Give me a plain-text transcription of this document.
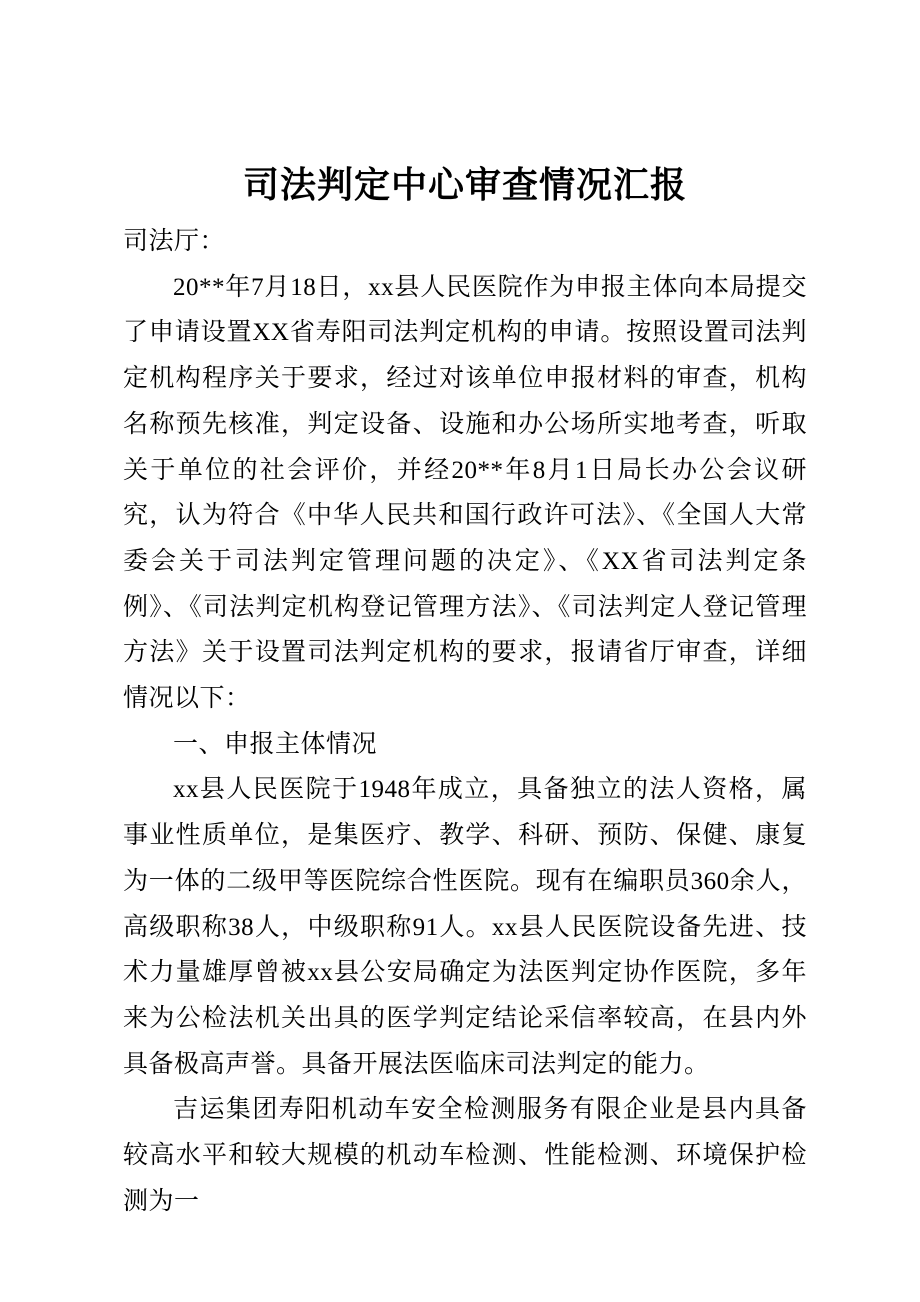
司法判定中心审查情况汇报

司法厅：

20**年7月18日，xx县人民医院作为申报主体向本局提交了申请设置XX省寿阳司法判定机构的申请。按照设置司法判定机构程序关于要求，经过对该单位申报材料的审查，机构名称预先核准，判定设备、设施和办公场所实地考查，听取关于单位的社会评价，并经20**年8月1日局长办公会议研究，认为符合《中华人民共和国行政许可法》、《全国人大常委会关于司法判定管理问题的决定》、《XX省司法判定条例》、《司法判定机构登记管理方法》、《司法判定人登记管理方法》关于设置司法判定机构的要求，报请省厅审查，详细情况以下：

一、申报主体情况

xx县人民医院于1948年成立，具备独立的法人资格，属事业性质单位，是集医疗、教学、科研、预防、保健、康复为一体的二级甲等医院综合性医院。现有在编职员360余人，高级职称38人，中级职称91人。xx县人民医院设备先进、技术力量雄厚曾被xx县公安局确定为法医判定协作医院，多年来为公检法机关出具的医学判定结论采信率较高，在县内外具备极高声誉。具备开展法医临床司法判定的能力。

吉运集团寿阳机动车安全检测服务有限企业是县内具备较高水平和较大规模的机动车检测、性能检测、环境保护检测为一
